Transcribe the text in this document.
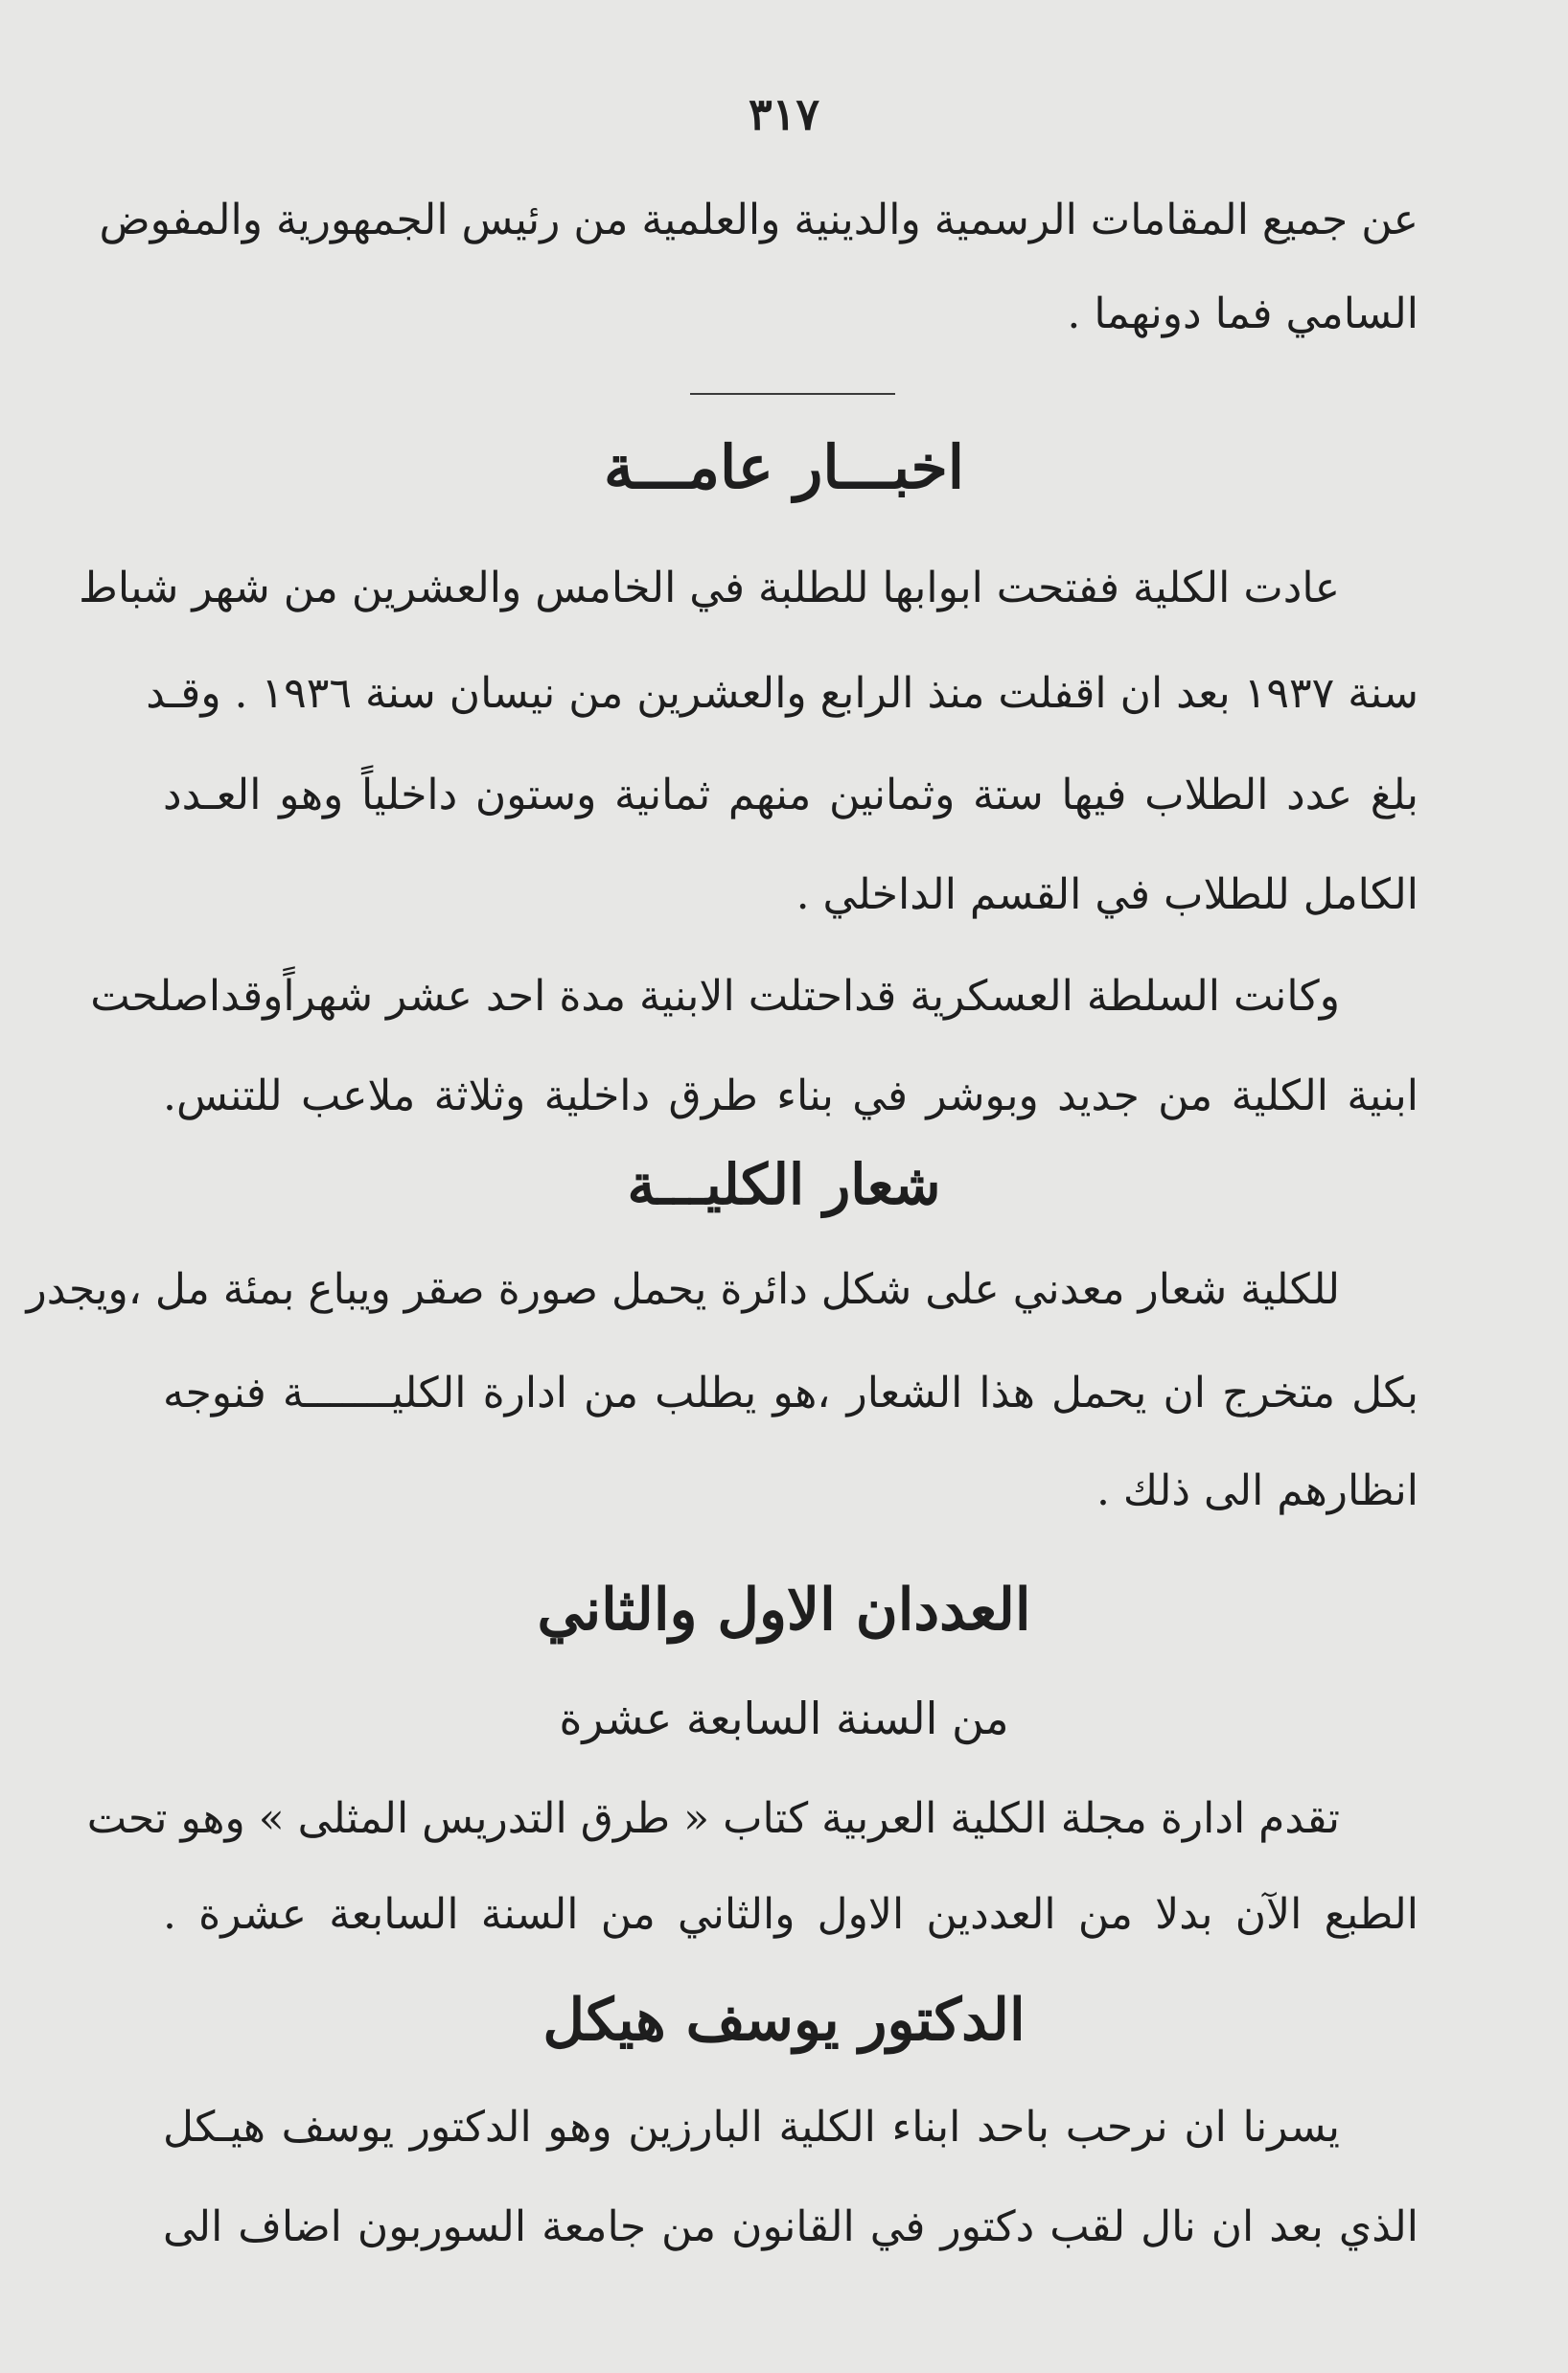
٣١٧
عن جميع المقامات الرسمية والدينية والعلمية من رئيس الجمهورية والمفوض
السامي فما دونهما .
اخبـــار عامـــة
عادت الكلية ففتحت ابوابها للطلبة في الخامس والعشرين من شهر شباط
سنة ١٩٣٧ بعد ان اقفلت منذ الرابع والعشرين من نيسان سنة ١٩٣٦ . وقـد
بلغ عدد الطلاب فيها ستة وثمانين منهم ثمانية وستون داخلياً وهو العـدد
الكامل للطلاب في القسم الداخلي .
وكانت السلطة العسكرية قداحتلت الابنية مدة احد عشر شهراًوقداصلحت
ابنية الكلية من جديد وبوشر في بناء طرق داخلية وثلاثة ملاعب للتنس.
شعار الكليـــة
للكلية شعار معدني على شكل دائرة يحمل صورة صقر ويباع بمئة مل ،ويجدر
بكل متخرج ان يحمل هذا الشعار ،هو يطلب من ادارة الكليـــــــة فنوجه
انظارهم الى ذلك .
العددان الاول والثاني
من السنة السابعة عشرة
تقدم ادارة مجلة الكلية العربية كتاب « طرق التدريس المثلى » وهو تحت
الطبع الآن بدلا من العددين الاول والثاني من السنة السابعة عشرة .
الدكتور يوسف هيكل
يسرنا ان نرحب باحد ابناء الكلية البارزين وهو الدكتور يوسف هيـكل
الذي بعد ان نال لقب دكتور في القانون من جامعة السوربون اضاف الى
